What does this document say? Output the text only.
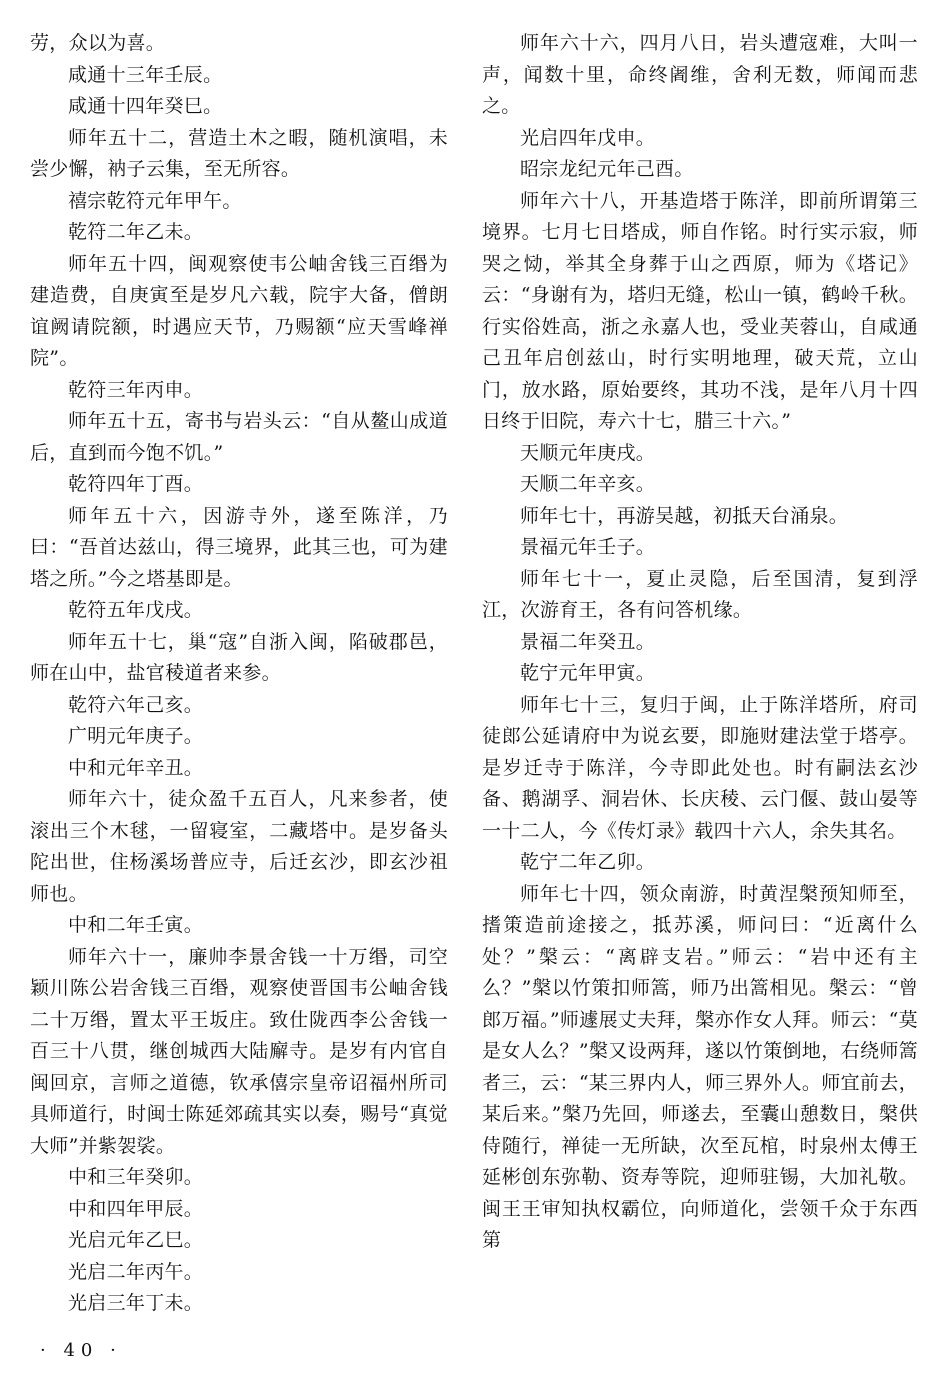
劳，众以为喜。

咸通十三年壬辰。

咸通十四年癸巳。

师年五十二，营造土木之暇，随机演唱，未尝少懈，衲子云集，至无所容。

禧宗乾符元年甲午。

乾符二年乙未。

师年五十四，闽观察使韦公岫舍钱三百缗为建造费，自庚寅至是岁凡六载，院宇大备，僧朗谊阙请院额，时遇应天节，乃赐额“应天雪峰禅院”。

乾符三年丙申。

师年五十五，寄书与岩头云：“自从鳌山成道后，直到而今饱不饥。”

乾符四年丁酉。

师年五十六，因游寺外，遂至陈洋，乃曰：“吾首达兹山，得三境界，此其三也，可为建塔之所。”今之塔基即是。

乾符五年戊戌。

师年五十七，巢“寇”自浙入闽，陷破郡邑，师在山中，盐官稜道者来参。

乾符六年己亥。

广明元年庚子。

中和元年辛丑。

师年六十，徒众盈千五百人，凡来参者，使滚出三个木毬，一留寝室，二藏塔中。是岁备头陀出世，住杨溪场普应寺，后迁玄沙，即玄沙祖师也。

中和二年壬寅。

师年六十一，廉帅李景舍钱一十万缗，司空颖川陈公岩舍钱三百缗，观察使晋国韦公岫舍钱二十万缗，置太平王坂庄。致仕陇西李公舍钱一百三十八贯，继创城西大陆廨寺。是岁有内官自闽回京，言师之道德，钦承僖宗皇帝诏福州所司具师道行，时闽士陈延郊疏其实以奏，赐号“真觉大师”并紫袈裟。

中和三年癸卯。

中和四年甲辰。

光启元年乙巳。

光启二年丙午。

光启三年丁未。

师年六十六，四月八日，岩头遭寇难，大叫一声，闻数十里，命终阇维，舍利无数，师闻而悲之。

光启四年戊申。

昭宗龙纪元年己酉。

师年六十八，开基造塔于陈洋，即前所谓第三境界。七月七日塔成，师自作铭。时行实示寂，师哭之恸，举其全身葬于山之西原，师为《塔记》云：“身谢有为，塔归无缝，松山一镇，鹤岭千秋。行实俗姓高，浙之永嘉人也，受业芙蓉山，自咸通己丑年启创兹山，时行实明地理，破天荒，立山门，放水路，原始要终，其功不浅，是年八月十四日终于旧院，寿六十七，腊三十六。”

天顺元年庚戌。

天顺二年辛亥。

师年七十，再游吴越，初抵天台涌泉。

景福元年壬子。

师年七十一，夏止灵隐，后至国清，复到浮江，次游育王，各有问答机缘。

景福二年癸丑。

乾宁元年甲寅。

师年七十三，复归于闽，止于陈洋塔所，府司徒郎公延请府中为说玄要，即施财建法堂于塔亭。是岁迁寺于陈洋，今寺即此处也。时有嗣法玄沙备、鹅湖孚、洞岩休、长庆稜、云门偃、鼓山晏等一十二人，今《传灯录》载四十六人，余失其名。

乾宁二年乙卯。

师年七十四，领众南游，时黄涅槃预知师至，搘策造前途接之，抵苏溪，师问曰：“近离什么处？”槃云：“离辟支岩。”师云：“岩中还有主么？”槃以竹策扣师篙，师乃出篙相见。槃云：“曾郎万福。”师遽展丈夫拜，槃亦作女人拜。师云：“莫是女人么？”槃又设两拜，遂以竹策倒地，右绕师篙者三，云：“某三界内人，师三界外人。师宜前去，某后来。”槃乃先回，师遂去，至囊山憩数日，槃供侍随行，禅徒一无所缺，次至瓦棺，时泉州太傅王延彬创东弥勒、资寿等院，迎师驻锡，大加礼敬。闽王王审知执权霸位，向师道化，尝领千众于东西第

· 40 ·
